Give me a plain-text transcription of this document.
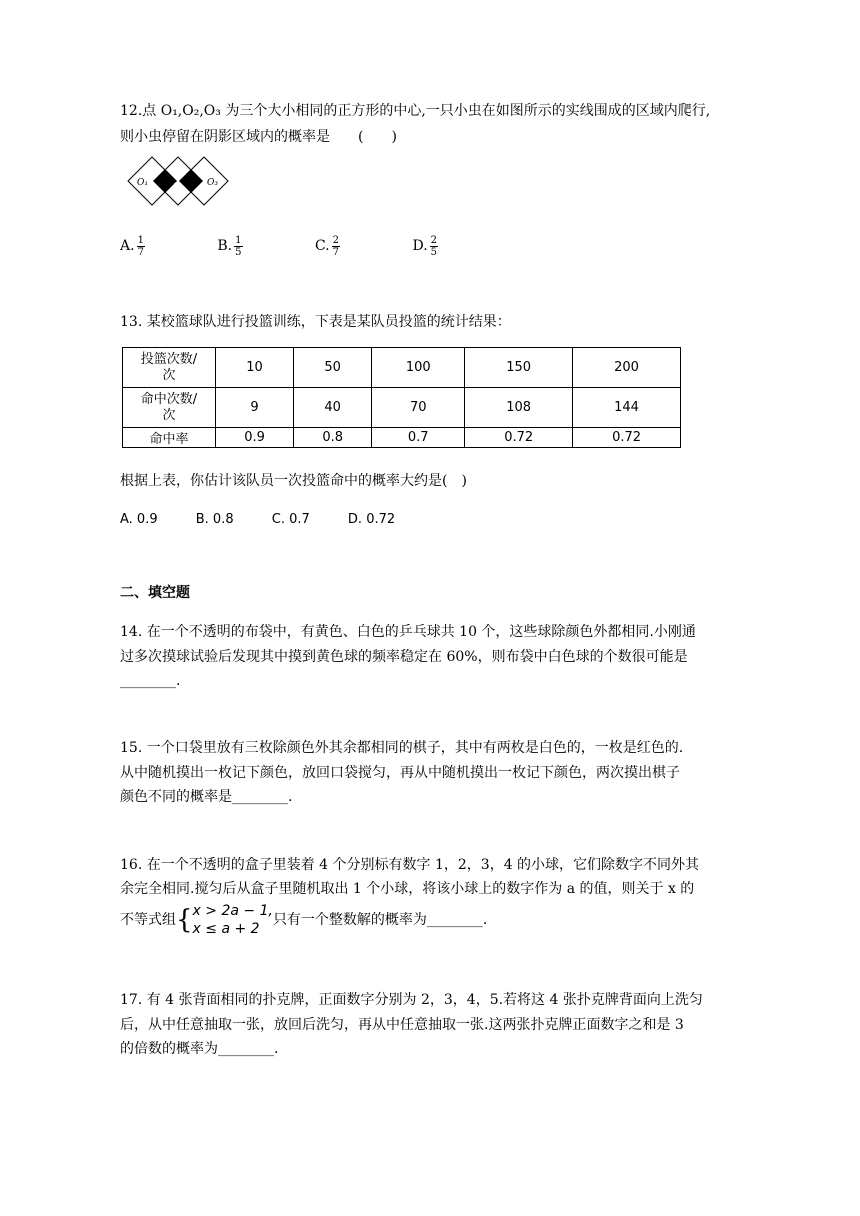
12.点 O₁,O₂,O₃ 为三个大小相同的正方形的中心,一只小虫在如图所示的实线围成的区域内爬行,
则小虫停留在阴影区域内的概率是　　(　　)
O₁	O₂	O₃
A. $\frac{1}{7}$	B. $\frac{1}{5}$	C. $\frac{2}{7}$	D. $\frac{2}{5}$
13. 某校篮球队进行投篮训练，下表是某队员投篮的统计结果：
投篮次数/
次	10	50	100	150	200
命中次数/
次	9	40	70	108	144
命中率	0.9	0.8	0.7	0.72	0.72
根据上表，你估计该队员一次投篮命中的概率大约是(　)
A. 0.9	B. 0.8	C. 0.7	D. 0.72
二、填空题
14. 在一个不透明的布袋中，有黄色、白色的乒乓球共 10 个，这些球除颜色外都相同.小刚通
过多次摸球试验后发现其中摸到黄色球的频率稳定在 60%，则布袋中白色球的个数很可能是
________.
15. 一个口袋里放有三枚除颜色外其余都相同的棋子，其中有两枚是白色的，一枚是红色的.
从中随机摸出一枚记下颜色，放回口袋搅匀，再从中随机摸出一枚记下颜色，两次摸出棋子
颜色不同的概率是________.
16. 在一个不透明的盒子里装着 4 个分别标有数字 1，2，3，4 的小球，它们除数字不同外其
余完全相同.搅匀后从盒子里随机取出 1 个小球，将该小球上的数字作为 a 的值，则关于 x 的
不等式组{x > 2a − 1,
x ≤ a + 2只有一个整数解的概率为________.
17. 有 4 张背面相同的扑克牌，正面数字分别为 2，3，4，5.若将这 4 张扑克牌背面向上洗匀
后，从中任意抽取一张，放回后洗匀，再从中任意抽取一张.这两张扑克牌正面数字之和是 3
的倍数的概率为________.
